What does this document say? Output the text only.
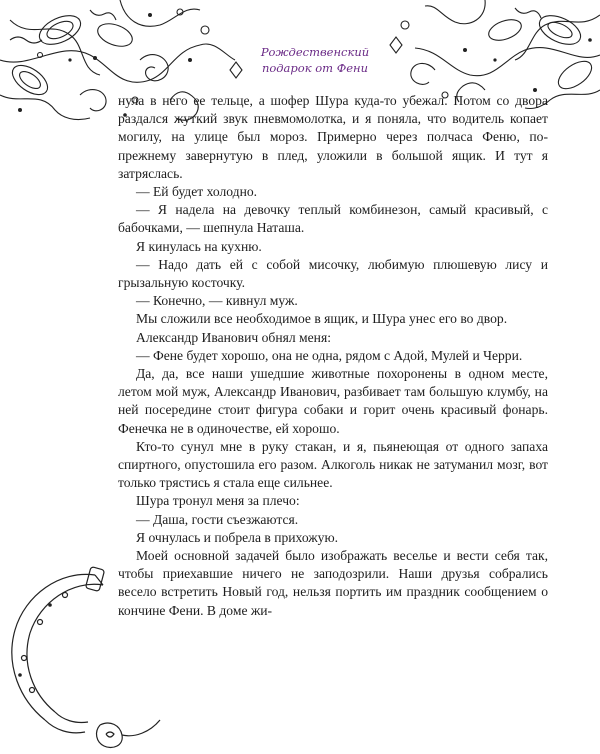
Рождественский
подарок от Фени

нула в него ее тельце, а шофер Шура куда-то убежал. Потом со двора раздался жуткий звук пневмомолотка, и я поняла, что водитель копает могилу, на улице был мороз. Примерно через полчаса Феню, по-прежнему завернутую в плед, уложили в большой ящик. И тут я затряслась.

— Ей будет холодно.

— Я надела на девочку теплый комбинезон, самый красивый, с бабочками, — шепнула Наташа.

Я кинулась на кухню.

— Надо дать ей с собой мисочку, любимую плюшевую лису и грызальную косточку.

— Конечно, — кивнул муж.

Мы сложили все необходимое в ящик, и Шура унес его во двор.

Александр Иванович обнял меня:

— Фене будет хорошо, она не одна, рядом с Адой, Мулей и Черри.

Да, да, все наши ушедшие животные похоронены в одном месте, летом мой муж, Александр Иванович, разбивает там большую клумбу, на ней посередине стоит фигура собаки и горит очень красивый фонарь. Фенечка не в одиночестве, ей хорошо.

Кто-то сунул мне в руку стакан, и я, пьянеющая от одного запаха спиртного, опустошила его разом. Алкоголь никак не затуманил мозг, вот только трястись я стала еще сильнее.

Шура тронул меня за плечо:

— Даша, гости съезжаются.

Я очнулась и побрела в прихожую.

Моей основной задачей было изображать веселье и вести себя так, чтобы приехавшие ничего не заподозрили. Наши друзья собрались весело встретить Новый год, нельзя портить им праздник сообщением о кончине Фени. В доме жи-
